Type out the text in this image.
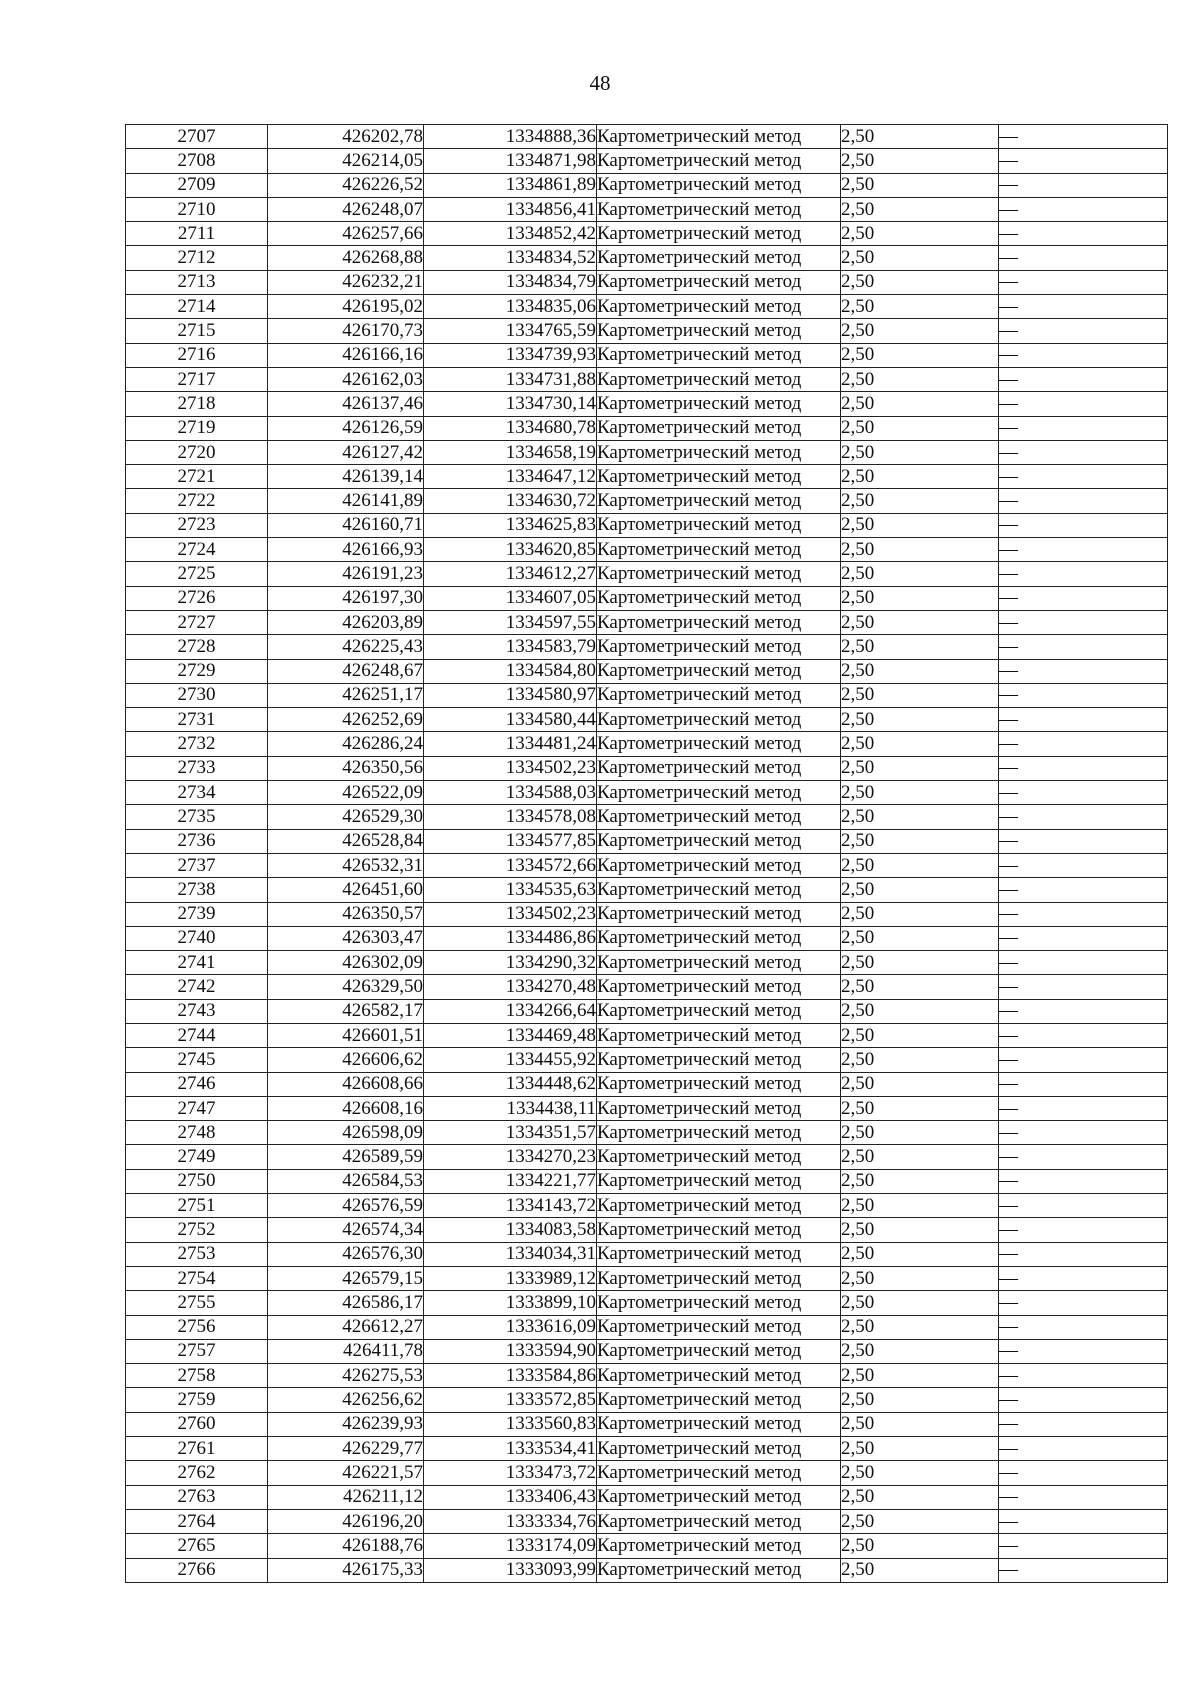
48
2707	426202,78	1334888,36	Картометрический метод	2,50	—
2708	426214,05	1334871,98	Картометрический метод	2,50	—
2709	426226,52	1334861,89	Картометрический метод	2,50	—
2710	426248,07	1334856,41	Картометрический метод	2,50	—
2711	426257,66	1334852,42	Картометрический метод	2,50	—
2712	426268,88	1334834,52	Картометрический метод	2,50	—
2713	426232,21	1334834,79	Картометрический метод	2,50	—
2714	426195,02	1334835,06	Картометрический метод	2,50	—
2715	426170,73	1334765,59	Картометрический метод	2,50	—
2716	426166,16	1334739,93	Картометрический метод	2,50	—
2717	426162,03	1334731,88	Картометрический метод	2,50	—
2718	426137,46	1334730,14	Картометрический метод	2,50	—
2719	426126,59	1334680,78	Картометрический метод	2,50	—
2720	426127,42	1334658,19	Картометрический метод	2,50	—
2721	426139,14	1334647,12	Картометрический метод	2,50	—
2722	426141,89	1334630,72	Картометрический метод	2,50	—
2723	426160,71	1334625,83	Картометрический метод	2,50	—
2724	426166,93	1334620,85	Картометрический метод	2,50	—
2725	426191,23	1334612,27	Картометрический метод	2,50	—
2726	426197,30	1334607,05	Картометрический метод	2,50	—
2727	426203,89	1334597,55	Картометрический метод	2,50	—
2728	426225,43	1334583,79	Картометрический метод	2,50	—
2729	426248,67	1334584,80	Картометрический метод	2,50	—
2730	426251,17	1334580,97	Картометрический метод	2,50	—
2731	426252,69	1334580,44	Картометрический метод	2,50	—
2732	426286,24	1334481,24	Картометрический метод	2,50	—
2733	426350,56	1334502,23	Картометрический метод	2,50	—
2734	426522,09	1334588,03	Картометрический метод	2,50	—
2735	426529,30	1334578,08	Картометрический метод	2,50	—
2736	426528,84	1334577,85	Картометрический метод	2,50	—
2737	426532,31	1334572,66	Картометрический метод	2,50	—
2738	426451,60	1334535,63	Картометрический метод	2,50	—
2739	426350,57	1334502,23	Картометрический метод	2,50	—
2740	426303,47	1334486,86	Картометрический метод	2,50	—
2741	426302,09	1334290,32	Картометрический метод	2,50	—
2742	426329,50	1334270,48	Картометрический метод	2,50	—
2743	426582,17	1334266,64	Картометрический метод	2,50	—
2744	426601,51	1334469,48	Картометрический метод	2,50	—
2745	426606,62	1334455,92	Картометрический метод	2,50	—
2746	426608,66	1334448,62	Картометрический метод	2,50	—
2747	426608,16	1334438,11	Картометрический метод	2,50	—
2748	426598,09	1334351,57	Картометрический метод	2,50	—
2749	426589,59	1334270,23	Картометрический метод	2,50	—
2750	426584,53	1334221,77	Картометрический метод	2,50	—
2751	426576,59	1334143,72	Картометрический метод	2,50	—
2752	426574,34	1334083,58	Картометрический метод	2,50	—
2753	426576,30	1334034,31	Картометрический метод	2,50	—
2754	426579,15	1333989,12	Картометрический метод	2,50	—
2755	426586,17	1333899,10	Картометрический метод	2,50	—
2756	426612,27	1333616,09	Картометрический метод	2,50	—
2757	426411,78	1333594,90	Картометрический метод	2,50	—
2758	426275,53	1333584,86	Картометрический метод	2,50	—
2759	426256,62	1333572,85	Картометрический метод	2,50	—
2760	426239,93	1333560,83	Картометрический метод	2,50	—
2761	426229,77	1333534,41	Картометрический метод	2,50	—
2762	426221,57	1333473,72	Картометрический метод	2,50	—
2763	426211,12	1333406,43	Картометрический метод	2,50	—
2764	426196,20	1333334,76	Картометрический метод	2,50	—
2765	426188,76	1333174,09	Картометрический метод	2,50	—
2766	426175,33	1333093,99	Картометрический метод	2,50	—
